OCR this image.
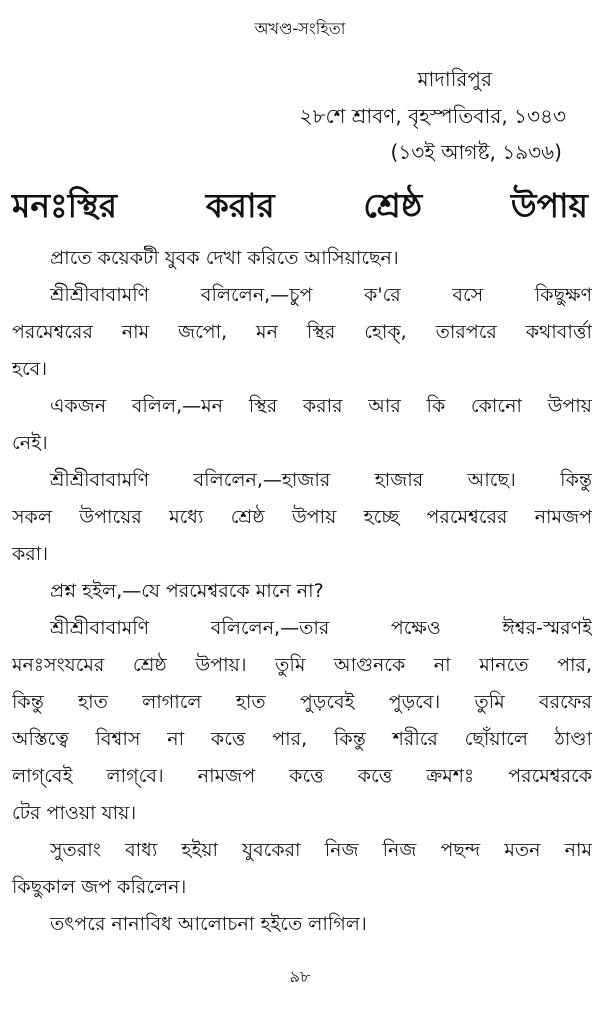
অখণ্ড-সংহিতা
মাদারিপুর
২৮শে শ্রাবণ, বৃহস্পতিবার, ১৩৪৩
(১৩ই আগষ্ট, ১৯৩৬)
মনঃস্থির করার শ্রেষ্ঠ উপায়

প্রাতে কয়েকটী যুবক দেখা করিতে আসিয়াছেন।

শ্রীশ্রীবাবামণি বলিলেন,—চুপ ক'রে বসে কিছুক্ষণ
পরমেশ্বরের নাম জপো, মন স্থির হোক্, তারপরে কথাবার্ত্তা
হবে।

একজন বলিল,—মন স্থির করার আর কি কোনো উপায়
নেই।

শ্রীশ্রীবাবামণি বলিলেন,—হাজার হাজার আছে। কিন্তু
সকল উপায়ের মধ্যে শ্রেষ্ঠ উপায় হচ্ছে পরমেশ্বরের নামজপ
করা।

প্রশ্ন হইল,—যে পরমেশ্বরকে মানে না?

শ্রীশ্রীবাবামণি বলিলেন,—তার পক্ষেও ঈশ্বর-স্মরণই
মনঃসংযমের শ্রেষ্ঠ উপায়। তুমি আগুনকে না মানতে পার,
কিন্তু হাত লাগালে হাত পুড়বেই পুড়বে। তুমি বরফের
অস্তিত্বে বিশ্বাস না কত্তে পার, কিন্তু শরীরে ছোঁয়ালে ঠাণ্ডা
লাগ্‌বেই লাগ্‌বে। নামজপ কত্তে কত্তে ক্রমশঃ পরমেশ্বরকে
টের পাওয়া যায়।

সুতরাং বাধ্য হইয়া যুবকেরা নিজ নিজ পছন্দ মতন নাম
কিছুকাল জপ করিলেন।

তৎপরে নানাবিধ আলোচনা হইতে লাগিল।

৯৮
